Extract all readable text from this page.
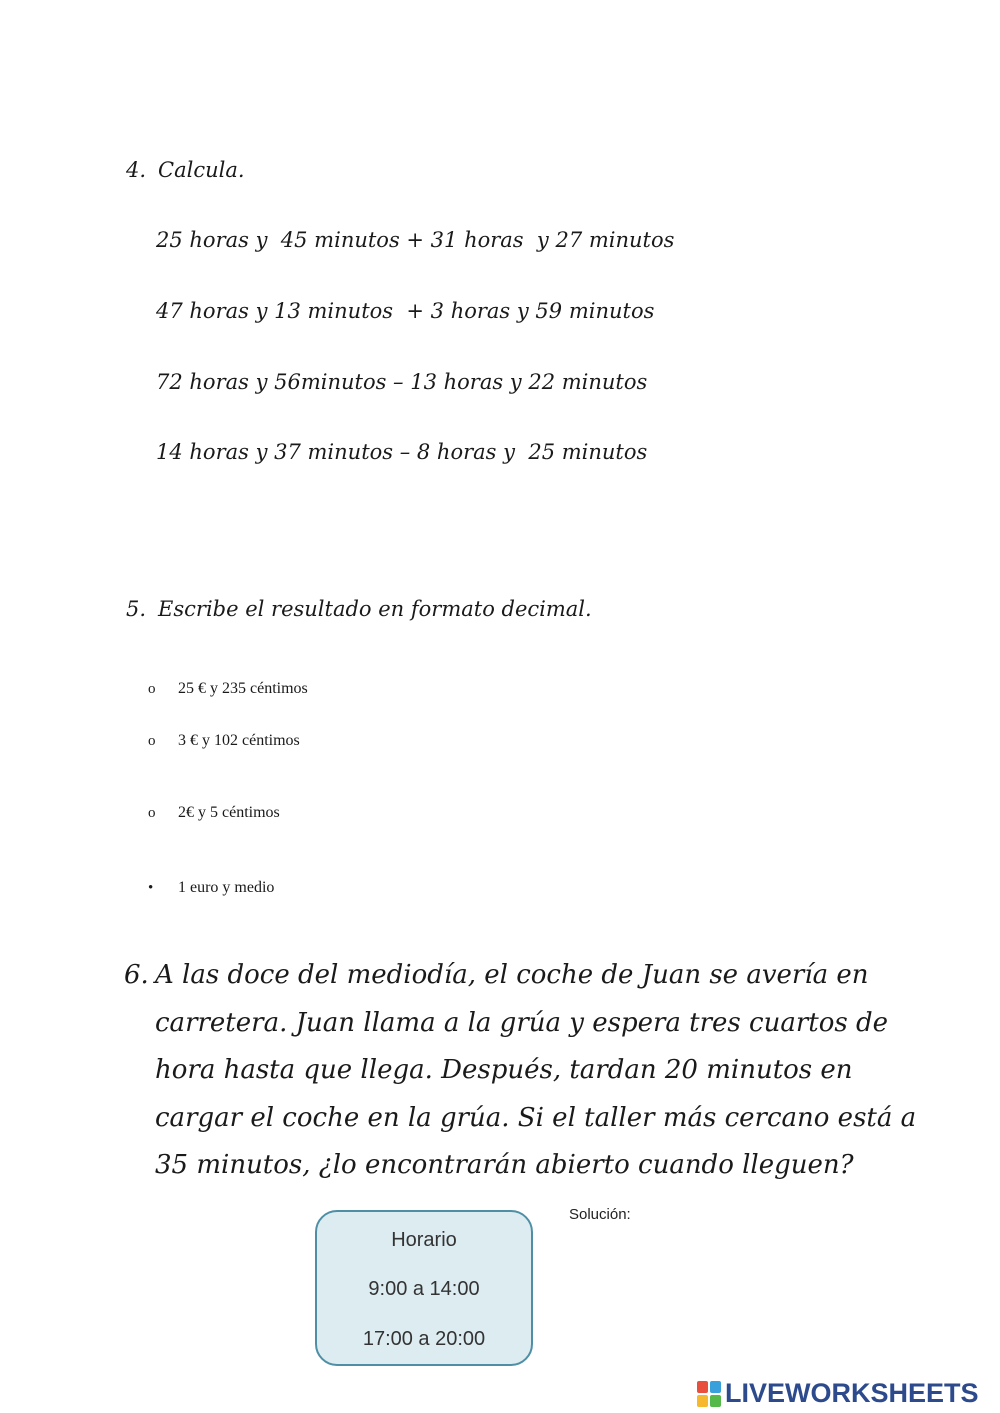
4. Calcula.
25 horas y  45 minutos + 31 horas  y 27 minutos
47 horas y 13 minutos  + 3 horas y 59 minutos
72 horas y 56minutos – 13 horas y 22 minutos
14 horas y 37 minutos – 8 horas y  25 minutos
5. Escribe el resultado en formato decimal.
o	25 € y 235 céntimos
o	3 € y 102 céntimos
o	2€ y 5 céntimos
•	1 euro y medio
6. A las doce del mediodía, el coche de Juan se avería en
carretera. Juan llama a la grúa y espera tres cuartos de
hora hasta que llega. Después, tardan 20 minutos en
cargar el coche en la grúa. Si el taller más cercano está a
35 minutos, ¿lo encontrarán abierto cuando lleguen?
Horario
9:00 a 14:00
17:00 a 20:00
Solución:
LIVEWORKSHEETS
